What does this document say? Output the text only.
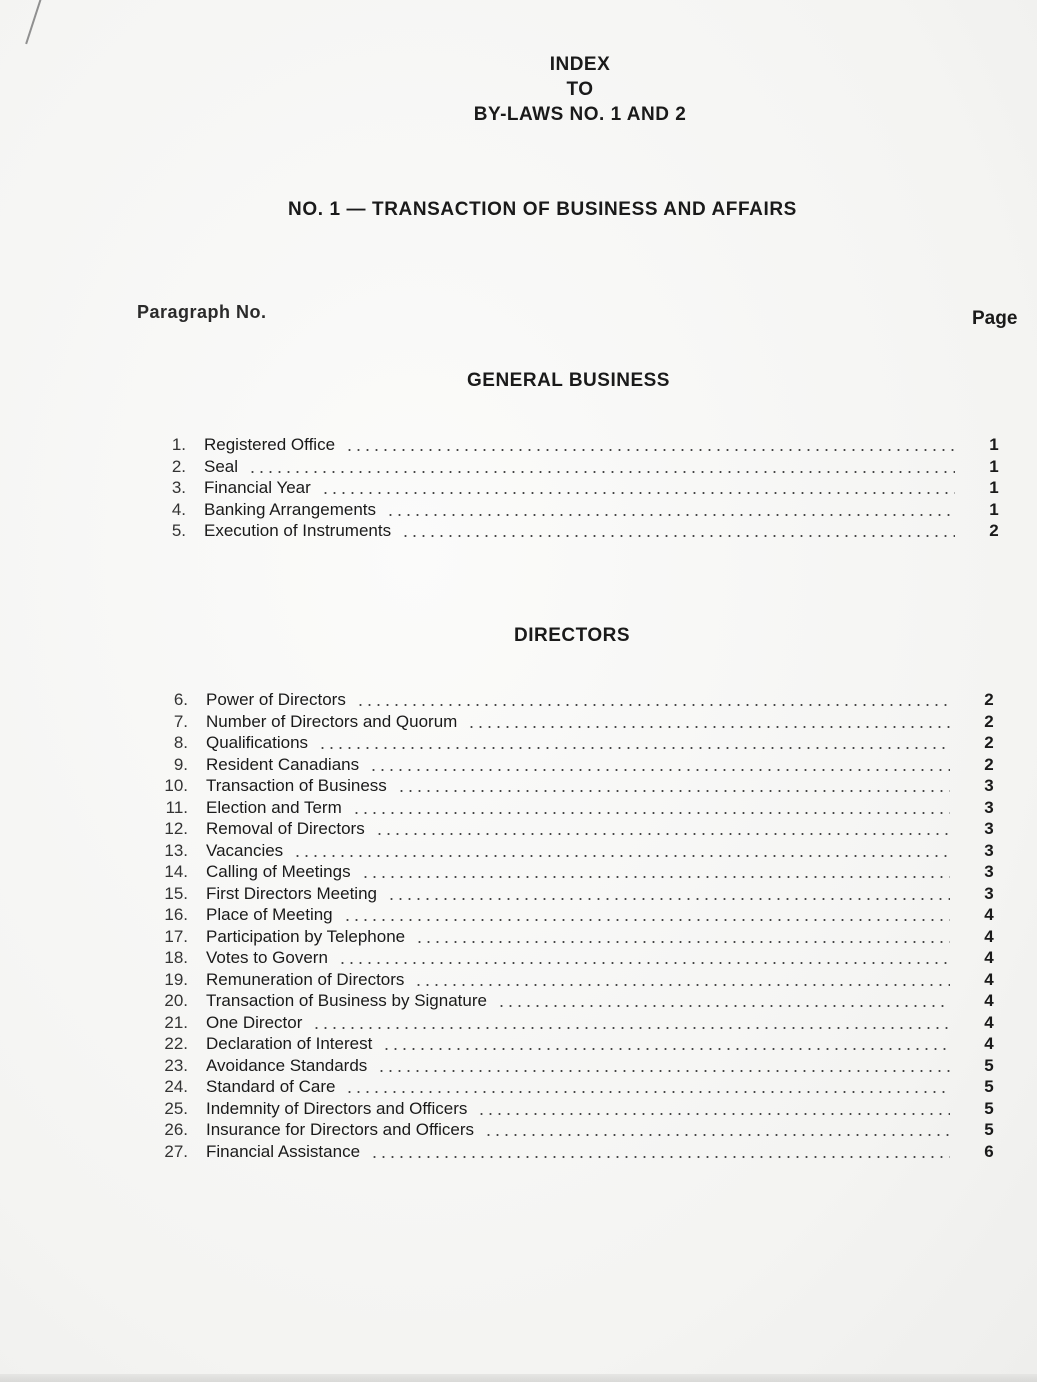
INDEX
TO
BY-LAWS NO. 1 AND 2
NO. 1 — TRANSACTION OF BUSINESS AND AFFAIRS
Paragraph No.	Page
GENERAL BUSINESS
1. Registered Office	1
2. Seal	1
3. Financial Year	1
4. Banking Arrangements	1
5. Execution of Instruments	2
DIRECTORS
6. Power of Directors	2
7. Number of Directors and Quorum	2
8. Qualifications	2
9. Resident Canadians	2
10. Transaction of Business	3
11. Election and Term	3
12. Removal of Directors	3
13. Vacancies	3
14. Calling of Meetings	3
15. First Directors Meeting	3
16. Place of Meeting	4
17. Participation by Telephone	4
18. Votes to Govern	4
19. Remuneration of Directors	4
20. Transaction of Business by Signature	4
21. One Director	4
22. Declaration of Interest	4
23. Avoidance Standards	5
24. Standard of Care	5
25. Indemnity of Directors and Officers	5
26. Insurance for Directors and Officers	5
27. Financial Assistance	6
